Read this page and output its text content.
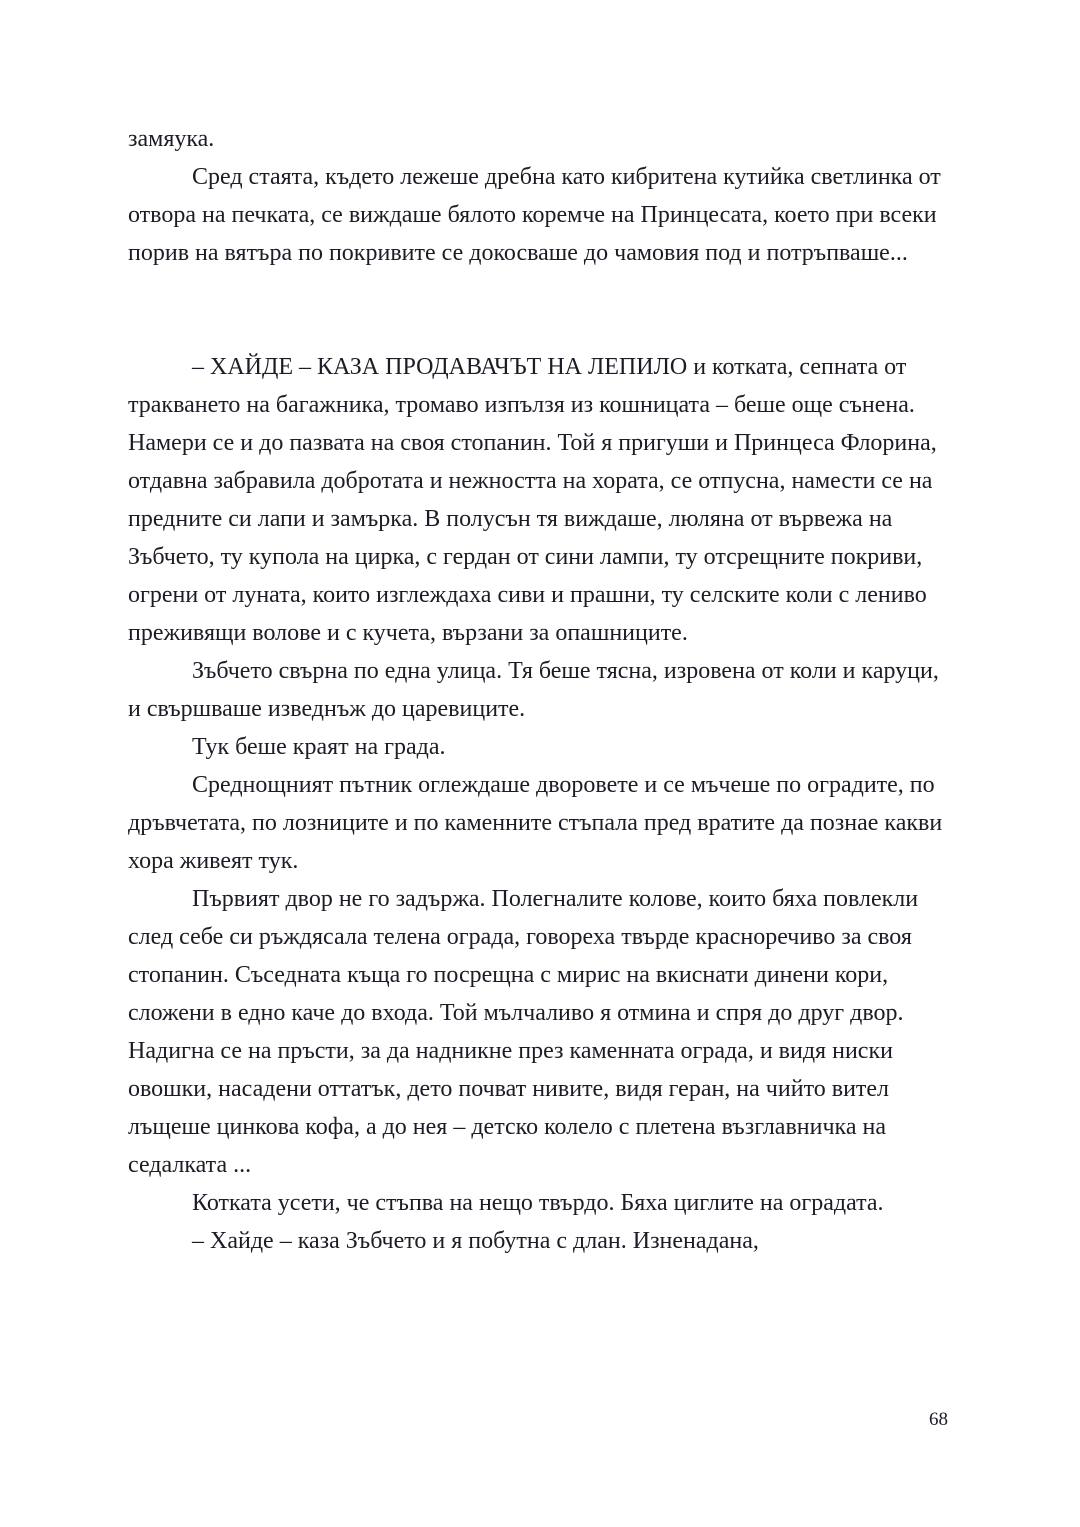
замяука.

Сред стаята, където лежеше дребна като кибритена кутийка светлинка от отвора на печката, се виждаше бялото коремче на Принцесата, което при всеки порив на вятъра по покривите се докосваше до чамовия под и потръпваше...

– ХАЙДЕ – КАЗА ПРОДАВАЧЪТ НА ЛЕПИЛО и котката, сепната от тракването на багажника, тромаво изпълзя из кошницата – беше още сънена. Намери се и до пазвата на своя стопанин. Той я пригуши и Принцеса Флорина, отдавна забравила добротата и нежността на хората, се отпусна, намести се на предните си лапи и замърка. В полусън тя виждаше, люляна от вървежа на Зъбчето, ту купола на цирка, с гердан от сини лампи, ту отсрещните покриви, огрени от луната, които изглеждаха сиви и прашни, ту селските коли с лениво преживящи волове и с кучета, вързани за опашниците.

Зъбчето свърна по една улица. Тя беше тясна, изровена от коли и каруци, и свършваше изведнъж до царевиците.

Тук беше краят на града.

Среднощният пътник оглеждаше дворовете и се мъчеше по оградите, по дръвчетата, по лозниците и по каменните стъпала пред вратите да познае какви хора живеят тук.

Първият двор не го задържа. Полегналите колове, които бяха повлекли след себе си ръждясала телена ограда, говореха твърде красноречиво за своя стопанин. Съседната къща го посрещна с мирис на вкиснати динени кори, сложени в едно каче до входа. Той мълчаливо я отмина и спря до друг двор. Надигна се на пръсти, за да надникне през каменната ограда, и видя ниски овошки, насадени оттатък, дето почват нивите, видя геран, на чийто вител лъщеше цинкова кофа, а до нея – детско колело с плетена възглавничка на седалката ...

Котката усети, че стъпва на нещо твърдо. Бяха циглите на оградата.

– Хайде – каза Зъбчето и я побутна с длан. Изненадана,

68
